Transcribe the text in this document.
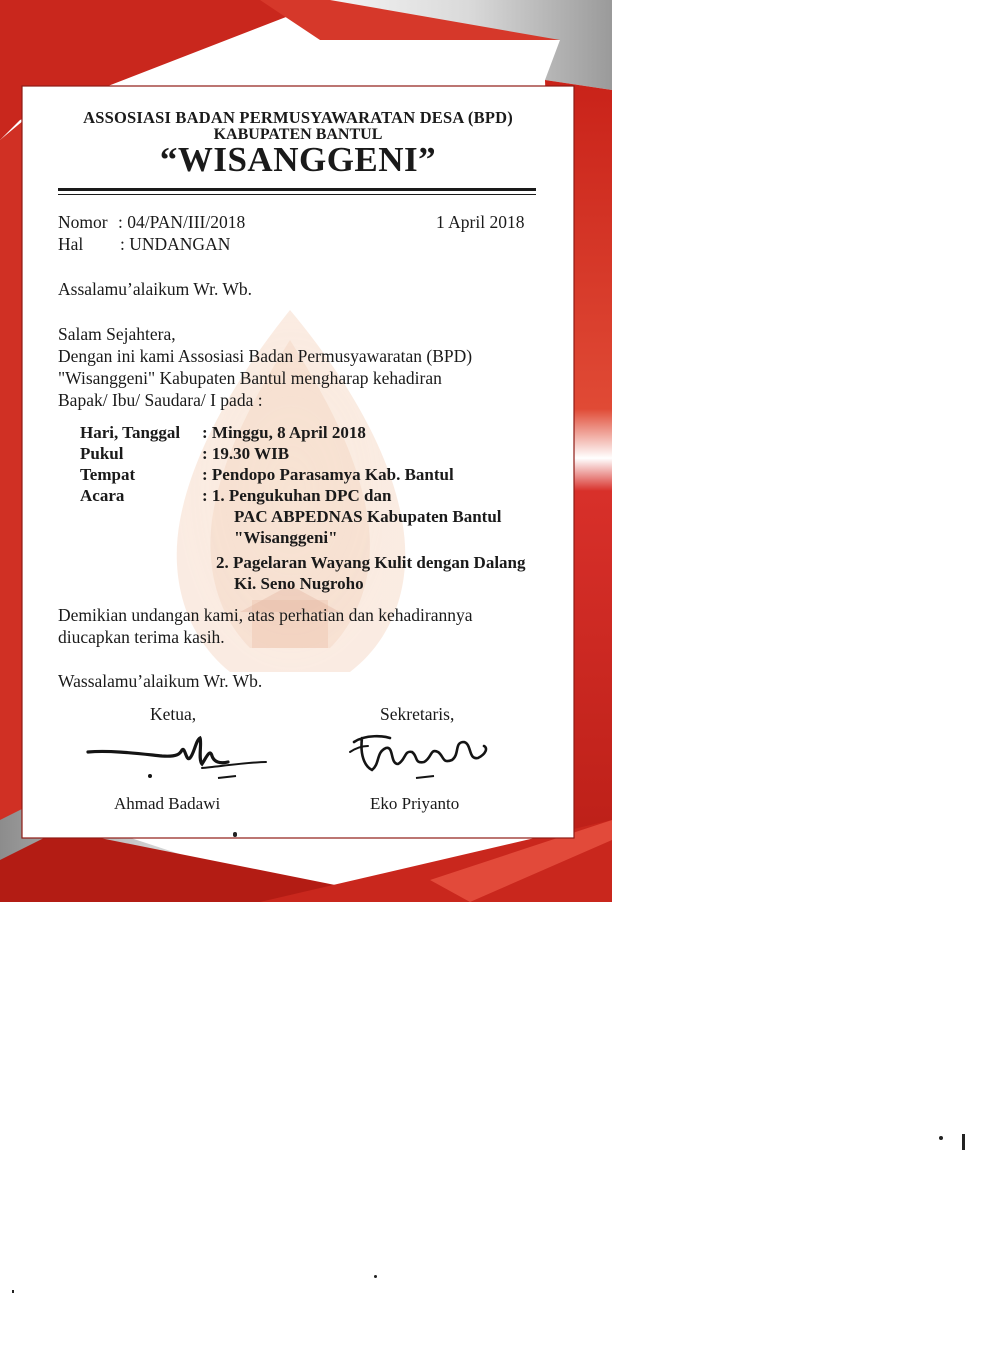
ASSOSIASI BADAN PERMUSYAWARATAN DESA (BPD)
KABUPATEN BANTUL
“WISANGGENI”
Nomor : 04/PAN/III/2018	1 April 2018
Hal : UNDANGAN
Assalamu’alaikum Wr. Wb.
Salam Sejahtera,
Dengan ini kami Assosiasi Badan Permusyawaratan (BPD)
"Wisanggeni" Kabupaten Bantul mengharap kehadiran
Bapak/ Ibu/ Saudara/ I pada :
Hari, Tanggal : Minggu, 8 April 2018
Pukul	: 19.30 WIB
Tempat	: Pendopo Parasamya Kab. Bantul
Acara	: 1. Pengukuhan DPC dan
PAC ABPEDNAS Kabupaten Bantul
"Wisanggeni"
2. Pagelaran Wayang Kulit dengan Dalang
Ki. Seno Nugroho
Demikian undangan kami, atas perhatian dan kehadirannya
diucapkan terima kasih.
Wassalamu’alaikum Wr. Wb.
Ketua,	Sekretaris,
Ahmad Badawi	Eko Priyanto
